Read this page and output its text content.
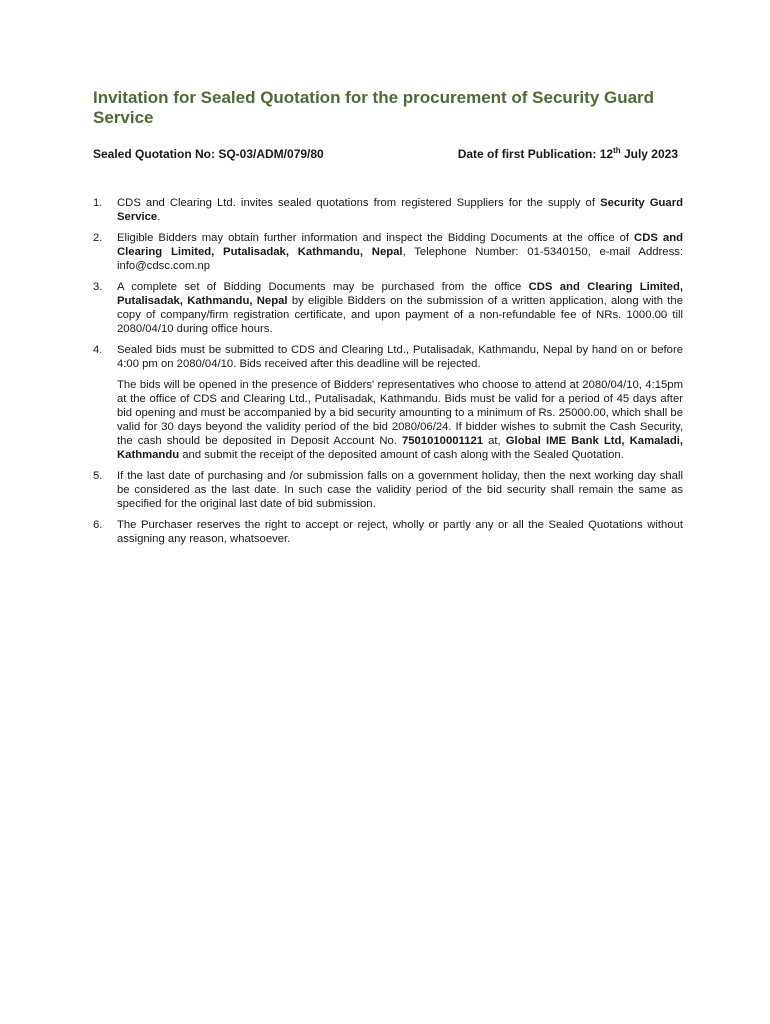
Invitation for Sealed Quotation for the procurement of Security Guard Service
Sealed Quotation No: SQ-03/ADM/079/80	Date of first Publication: 12th July 2023

1. CDS and Clearing Ltd. invites sealed quotations from registered Suppliers for the supply of Security Guard Service.

2. Eligible Bidders may obtain further information and inspect the Bidding Documents at the office of CDS and Clearing Limited, Putalisadak, Kathmandu, Nepal, Telephone Number: 01-5340150, e-mail Address: info@cdsc.com.np

3. A complete set of Bidding Documents may be purchased from the office CDS and Clearing Limited, Putalisadak, Kathmandu, Nepal by eligible Bidders on the submission of a written application, along with the copy of company/firm registration certificate, and upon payment of a non-refundable fee of NRs. 1000.00 till 2080/04/10 during office hours.

4. Sealed bids must be submitted to CDS and Clearing Ltd., Putalisadak, Kathmandu, Nepal by hand on or before 4:00 pm on 2080/04/10. Bids received after this deadline will be rejected.

The bids will be opened in the presence of Bidders' representatives who choose to attend at 2080/04/10, 4:15pm at the office of CDS and Clearing Ltd., Putalisadak, Kathmandu. Bids must be valid for a period of 45 days after bid opening and must be accompanied by a bid security amounting to a minimum of Rs. 25000.00, which shall be valid for 30 days beyond the validity period of the bid 2080/06/24. If bidder wishes to submit the Cash Security, the cash should be deposited in Deposit Account No. 7501010001121 at, Global IME Bank Ltd, Kamaladi, Kathmandu and submit the receipt of the deposited amount of cash along with the Sealed Quotation.

5. If the last date of purchasing and /or submission falls on a government holiday, then the next working day shall be considered as the last date. In such case the validity period of the bid security shall remain the same as specified for the original last date of bid submission.

6. The Purchaser reserves the right to accept or reject, wholly or partly any or all the Sealed Quotations without assigning any reason, whatsoever.
